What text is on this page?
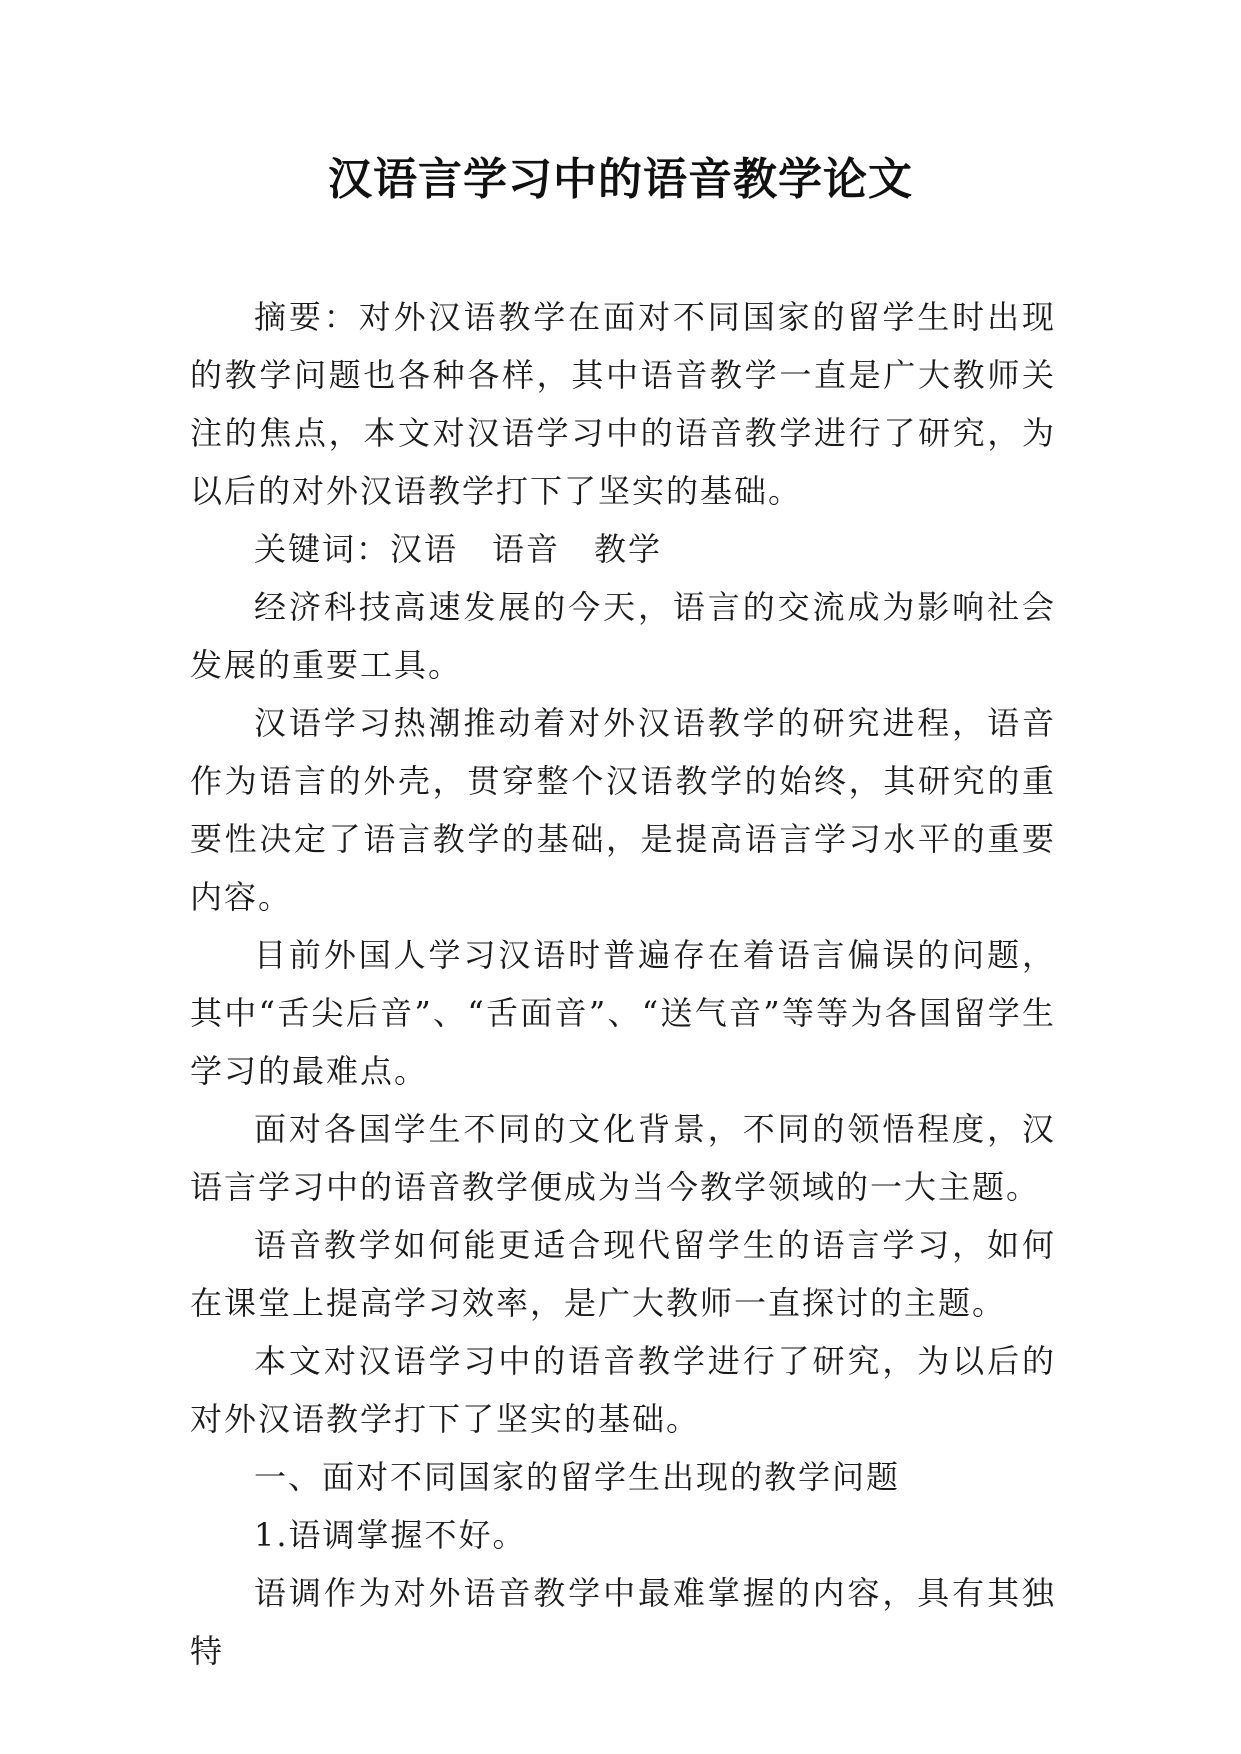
汉语言学习中的语音教学论文

摘要：对外汉语教学在面对不同国家的留学生时出现的教学问题也各种各样，其中语音教学一直是广大教师关注的焦点，本文对汉语学习中的语音教学进行了研究，为以后的对外汉语教学打下了坚实的基础。

关键词：汉语　语音　教学

经济科技高速发展的今天，语言的交流成为影响社会发展的重要工具。

汉语学习热潮推动着对外汉语教学的研究进程，语音作为语言的外壳，贯穿整个汉语教学的始终，其研究的重要性决定了语言教学的基础，是提高语言学习水平的重要内容。

目前外国人学习汉语时普遍存在着语言偏误的问题，其中“舌尖后音”、“舌面音”、“送气音”等等为各国留学生学习的最难点。

面对各国学生不同的文化背景，不同的领悟程度，汉语言学习中的语音教学便成为当今教学领域的一大主题。

语音教学如何能更适合现代留学生的语言学习，如何在课堂上提高学习效率，是广大教师一直探讨的主题。

本文对汉语学习中的语音教学进行了研究，为以后的对外汉语教学打下了坚实的基础。

一、面对不同国家的留学生出现的教学问题

1.语调掌握不好。

语调作为对外语音教学中最难掌握的内容，具有其独特
